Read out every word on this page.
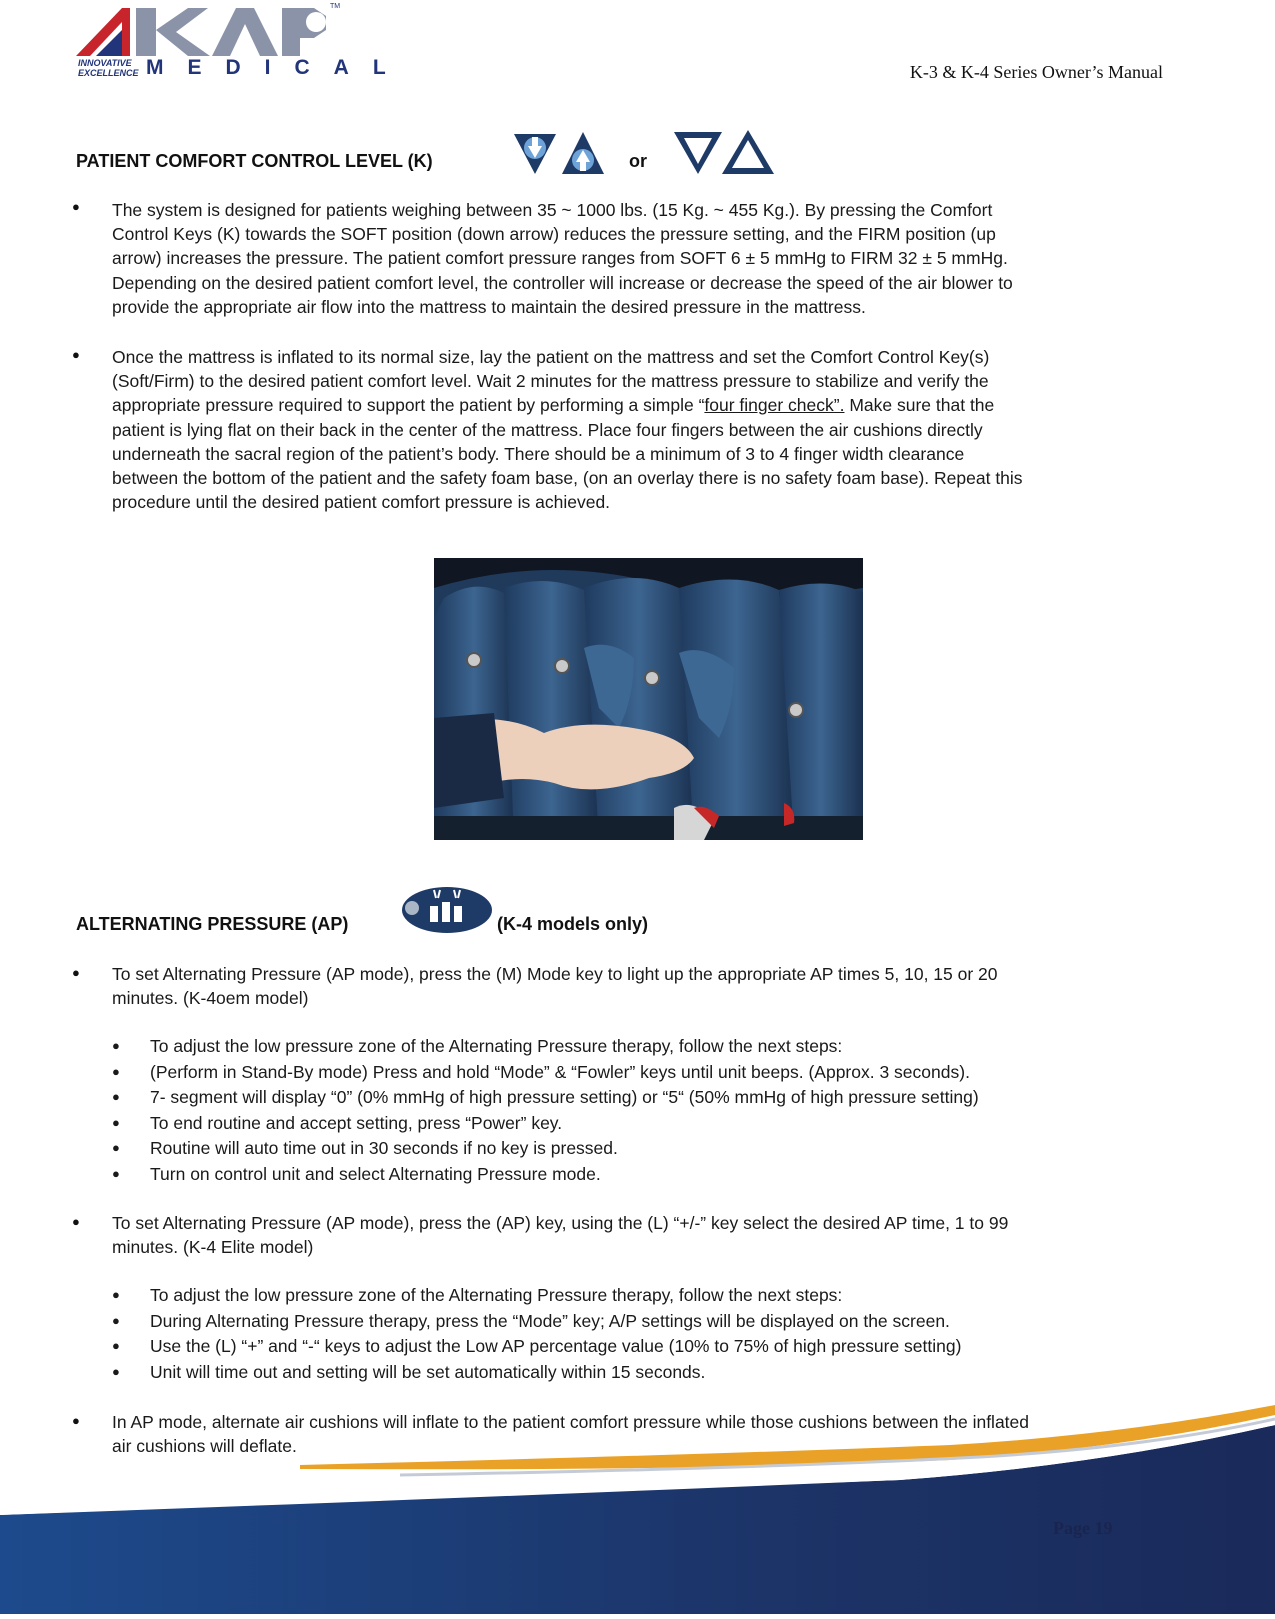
TM
INNOVATIVE EXCELLENCE MEDICAL	K-3 & K-4 Series Owner’s Manual
PATIENT COMFORT CONTROL LEVEL (K)	or
● The system is designed for patients weighing between 35 ~ 1000 lbs. (15 Kg. ~ 455 Kg.). By pressing the Comfort
Control Keys (K) towards the SOFT position (down arrow) reduces the pressure setting, and the FIRM position (up
arrow) increases the pressure. The patient comfort pressure ranges from SOFT 6 ± 5 mmHg to FIRM 32 ± 5 mmHg.
Depending on the desired patient comfort level, the controller will increase or decrease the speed of the air blower to
provide the appropriate air flow into the mattress to maintain the desired pressure in the mattress.
● Once the mattress is inflated to its normal size, lay the patient on the mattress and set the Comfort Control Key(s)
(Soft/Firm) to the desired patient comfort level. Wait 2 minutes for the mattress pressure to stabilize and verify the
appropriate pressure required to support the patient by performing a simple “four finger check”. Make sure that the
patient is lying flat on their back in the center of the mattress. Place four fingers between the air cushions directly
underneath the sacral region of the patient’s body. There should be a minimum of 3 to 4 finger width clearance
between the bottom of the patient and the safety foam base, (on an overlay there is no safety foam base). Repeat this
procedure until the desired patient comfort pressure is achieved.
ALTERNATING PRESSURE (AP)	(K-4 models only)
● To set Alternating Pressure (AP mode), press the (M) Mode key to light up the appropriate AP times 5, 10, 15 or 20
minutes. (K-4oem model)
● To adjust the low pressure zone of the Alternating Pressure therapy, follow the next steps:
● (Perform in Stand-By mode) Press and hold “Mode” & “Fowler” keys until unit beeps. (Approx. 3 seconds).
● 7- segment will display “0” (0% mmHg of high pressure setting) or “5“ (50% mmHg of high pressure setting)
● To end routine and accept setting, press “Power” key.
● Routine will auto time out in 30 seconds if no key is pressed.
● Turn on control unit and select Alternating Pressure mode.
● To set Alternating Pressure (AP mode), press the (AP) key, using the (L) “+/-” key select the desired AP time, 1 to 99
minutes. (K-4 Elite model)
● To adjust the low pressure zone of the Alternating Pressure therapy, follow the next steps:
● During Alternating Pressure therapy, press the “Mode” key; A/P settings will be displayed on the screen.
● Use the (L) “+” and “-“ keys to adjust the Low AP percentage value (10% to 75% of high pressure setting)
● Unit will time out and setting will be set automatically within 15 seconds.
● In AP mode, alternate air cushions will inflate to the patient comfort pressure while those cushions between the inflated
air cushions will deflate.
Page 19
